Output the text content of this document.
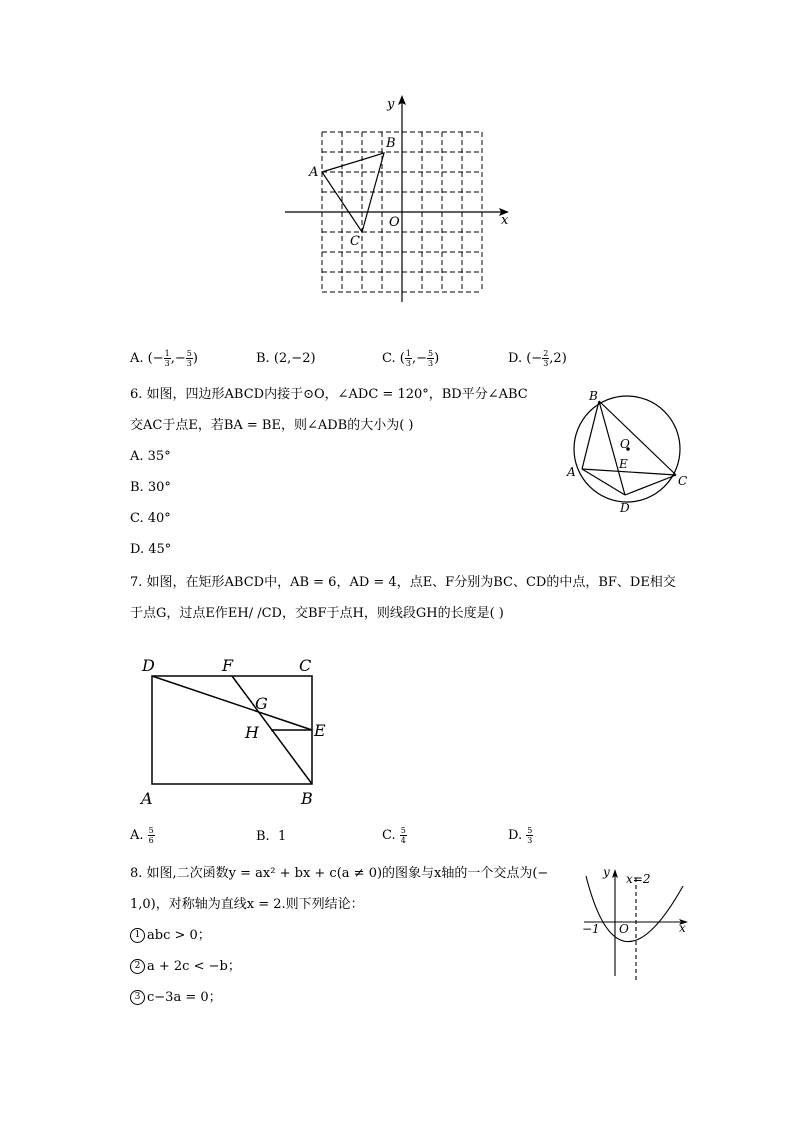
x
y
O
A
B
C
A. (− $\frac{1}{3}$ ,− $\frac{5}{3}$ )	B. (2,−2)	C. ( $\frac{1}{3}$ ,− $\frac{5}{3}$ )	D. (− $\frac{2}{3} ,2$)
6. 如图，四边形ABCD内接于⊙O，∠ADC = 120°，BD平分∠ABC
交AC于点E，若BA = BE，则∠ADB的大小为( )
A. 35°
B. 30°
C. 40°
D. 45°
B
A
C
D
E
O
7. 如图，在矩形ABCD中，AB = 6，AD = 4，点E、F分别为BC、CD的中点，BF、DE相交
于点G，过点E作EH/ /CD，交BF于点H，则线段GH的长度是( )
D	F	C
G
H	E
A	B
A. $\frac{5}{6}$	B. 1	C. $\frac{5}{4}$	D. $\frac{5}{3}$
8. 如图,二次函数y = ax² + bx + c(a ≠ 0)的图象与x轴的一个交点为(−
1,0)，对称轴为直线x = 2.则下列结论：
1 abc > 0；
2 a + 2c < −b；
3 c−3a = 0；
y
x
O
−1
x=2
